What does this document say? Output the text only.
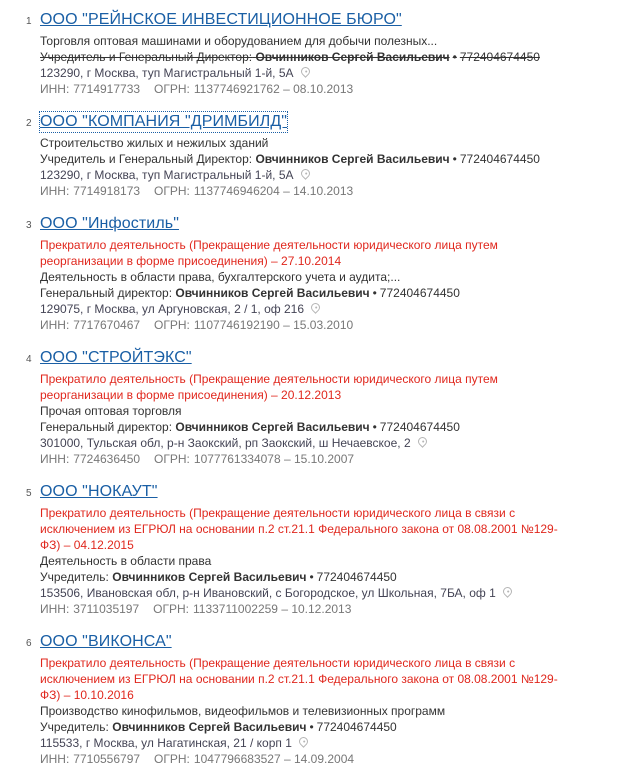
1 ООО "РЕЙНСКОЕ ИНВЕСТИЦИОННОЕ БЮРО"
Торговля оптовая машинами и оборудованием для добычи полезных...
Учредитель и Генеральный Директор: Овчинников Сергей Васильевич • 772404674450
123290, г Москва, туп Магистральный 1-й, 5А
ИНН: 7714917733 ОГРН: 1137746921762 – 08.10.2013
2 ООО "КОМПАНИЯ "ДРИМБИЛД"
Строительство жилых и нежилых зданий
Учредитель и Генеральный Директор: Овчинников Сергей Васильевич • 772404674450
123290, г Москва, туп Магистральный 1-й, 5А
ИНН: 7714918173 ОГРН: 1137746946204 – 14.10.2013
3 ООО "Инфостиль"
Прекратило деятельность (Прекращение деятельности юридического лица путем реорганизации в форме присоединения) – 27.10.2014
Деятельность в области права, бухгалтерского учета и аудита;...
Генеральный директор: Овчинников Сергей Васильевич • 772404674450
129075, г Москва, ул Аргуновская, 2 / 1, оф 216
ИНН: 7717670467 ОГРН: 1107746192190 – 15.03.2010
4 ООО "СТРОЙТЭКС"
Прекратило деятельность (Прекращение деятельности юридического лица путем реорганизации в форме присоединения) – 20.12.2013
Прочая оптовая торговля
Генеральный директор: Овчинников Сергей Васильевич • 772404674450
301000, Тульская обл, р-н Заокский, рп Заокский, ш Нечаевское, 2
ИНН: 7724636450 ОГРН: 1077761334078 – 15.10.2007
5 ООО "НОКАУТ"
Прекратило деятельность (Прекращение деятельности юридического лица в связи с исключением из ЕГРЮЛ на основании п.2 ст.21.1 Федерального закона от 08.08.2001 №129-ФЗ) – 04.12.2015
Деятельность в области права
Учредитель: Овчинников Сергей Васильевич • 772404674450
153506, Ивановская обл, р-н Ивановский, с Богородское, ул Школьная, 7БА, оф 1
ИНН: 3711035197 ОГРН: 1133711002259 – 10.12.2013
6 ООО "ВИКОНСА"
Прекратило деятельность (Прекращение деятельности юридического лица в связи с исключением из ЕГРЮЛ на основании п.2 ст.21.1 Федерального закона от 08.08.2001 №129-ФЗ) – 10.10.2016
Производство кинофильмов, видеофильмов и телевизионных программ
Учредитель: Овчинников Сергей Васильевич • 772404674450
115533, г Москва, ул Нагатинская, 21 / корп 1
ИНН: 7710556797 ОГРН: 1047796683527 – 14.09.2004
